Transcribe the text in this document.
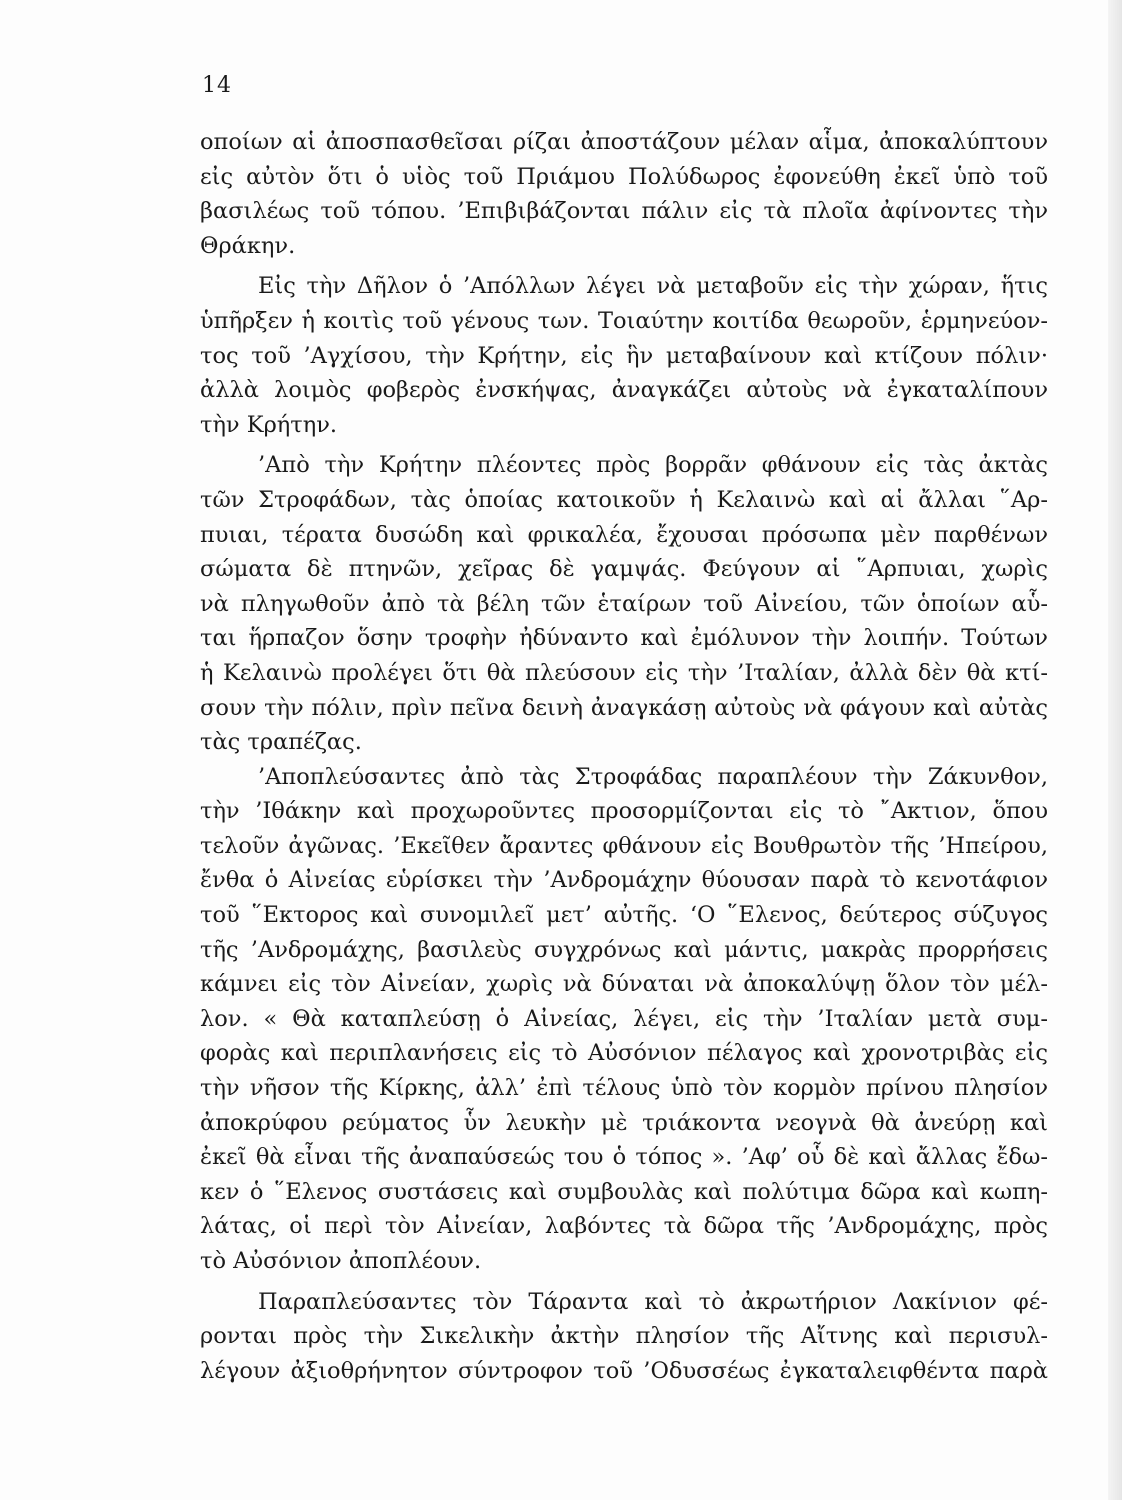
14
οποίων αἱ ἀποσπασθεῖσαι ρίζαι ἀποστάζουν μέλαν αἷμα, ἀποκαλύπτουν
εἰς αὐτὸν ὅτι ὁ υἱὸς τοῦ Πριάμου Πολύδωρος ἐφονεύθη ἐκεῖ ὑπὸ τοῦ
βασιλέως τοῦ τόπου. ’Επιβιβάζονται πάλιν εἰς τὰ πλοῖα ἀφίνοντες τὴν
Θράκην.
Εἰς τὴν Δῆλον ὁ ’Απόλλων λέγει νὰ μεταβοῦν εἰς τὴν χώραν, ἥτις
ὑπῆρξεν ἡ κοιτὶς τοῦ γένους των. Τοιαύτην κοιτίδα θεωροῦν, ἑρμηνεύον-
τος τοῦ ’Αγχίσου, τὴν Κρήτην, εἰς ἣν μεταβαίνουν καὶ κτίζουν πόλιν·
ἀλλὰ λοιμὸς φοβερὸς ἐνσκήψας, ἀναγκάζει αὐτοὺς νὰ ἐγκαταλίπουν
τὴν Κρήτην.
’Απὸ τὴν Κρήτην πλέοντες πρὸς βορρᾶν φθάνουν εἰς τὰς ἀκτὰς
τῶν Στροφάδων, τὰς ὁποίας κατοικοῦν ἡ Κελαινὼ καὶ αἱ ἄλλαι ῞Αρ-
πυιαι, τέρατα δυσώδη καὶ φρικαλέα, ἔχουσαι πρόσωπα μὲν παρθένων
σώματα δὲ πτηνῶν, χεῖρας δὲ γαμψάς. Φεύγουν αἱ ῞Αρπυιαι, χωρὶς
νὰ πληγωθοῦν ἀπὸ τὰ βέλη τῶν ἑταίρων τοῦ Αἰνείου, τῶν ὁποίων αὗ-
ται ἥρπαζον ὅσην τροφὴν ἠδύναντο καὶ ἐμόλυνον τὴν λοιπήν. Τούτων
ἡ Κελαινὼ προλέγει ὅτι θὰ πλεύσουν εἰς τὴν ’Ιταλίαν, ἀλλὰ δὲν θὰ κτί-
σουν τὴν πόλιν, πρὶν πεῖνα δεινὴ ἀναγκάσῃ αὐτοὺς νὰ φάγουν καὶ αὐτὰς
τὰς τραπέζας.
’Αποπλεύσαντες ἀπὸ τὰς Στροφάδας παραπλέουν τὴν Ζάκυνθον,
τὴν ’Ιθάκην καὶ προχωροῦντες προσορμίζονται εἰς τὸ ῎Ακτιον, ὅπου
τελοῦν ἀγῶνας. ’Εκεῖθεν ἄραντες φθάνουν εἰς Βουθρωτὸν τῆς ’Ηπείρου,
ἔνθα ὁ Αἰνείας εὑρίσκει τὴν ’Ανδρομάχην θύουσαν παρὰ τὸ κενοτάφιον
τοῦ ῞Εκτορος καὶ συνομιλεῖ μετ’ αὐτῆς. ‘Ο ῞Ελενος, δεύτερος σύζυγος
τῆς ’Ανδρομάχης, βασιλεὺς συγχρόνως καὶ μάντις, μακρὰς προρρήσεις
κάμνει εἰς τὸν Αἰνείαν, χωρὶς νὰ δύναται νὰ ἀποκαλύψῃ ὅλον τὸν μέλ-
λον. « Θὰ καταπλεύσῃ ὁ Αἰνείας, λέγει, εἰς τὴν ’Ιταλίαν μετὰ συμ-
φορὰς καὶ περιπλανήσεις εἰς τὸ Αὐσόνιον πέλαγος καὶ χρονοτριβὰς εἰς
τὴν νῆσον τῆς Κίρκης, ἀλλ’ ἐπὶ τέλους ὑπὸ τὸν κορμὸν πρίνου πλησίον
ἀποκρύφου ρεύματος ὗν λευκὴν μὲ τριάκοντα νεογνὰ θὰ ἀνεύρῃ καὶ
ἐκεῖ θὰ εἶναι τῆς ἀναπαύσεώς του ὁ τόπος ». ’Αφ’ οὗ δὲ καὶ ἄλλας ἔδω-
κεν ὁ ῞Ελενος συστάσεις καὶ συμβουλὰς καὶ πολύτιμα δῶρα καὶ κωπη-
λάτας, οἱ περὶ τὸν Αἰνείαν, λαβόντες τὰ δῶρα τῆς ’Ανδρομάχης, πρὸς
τὸ Αὐσόνιον ἀποπλέουν.
Παραπλεύσαντες τὸν Τάραντα καὶ τὸ ἀκρωτήριον Λακίνιον φέ-
ρονται πρὸς τὴν Σικελικὴν ἀκτὴν πλησίον τῆς Αἴτνης καὶ περισυλ-
λέγουν ἀξιοθρήνητον σύντροφον τοῦ ’Οδυσσέως ἐγκαταλειφθέντα παρὰ
